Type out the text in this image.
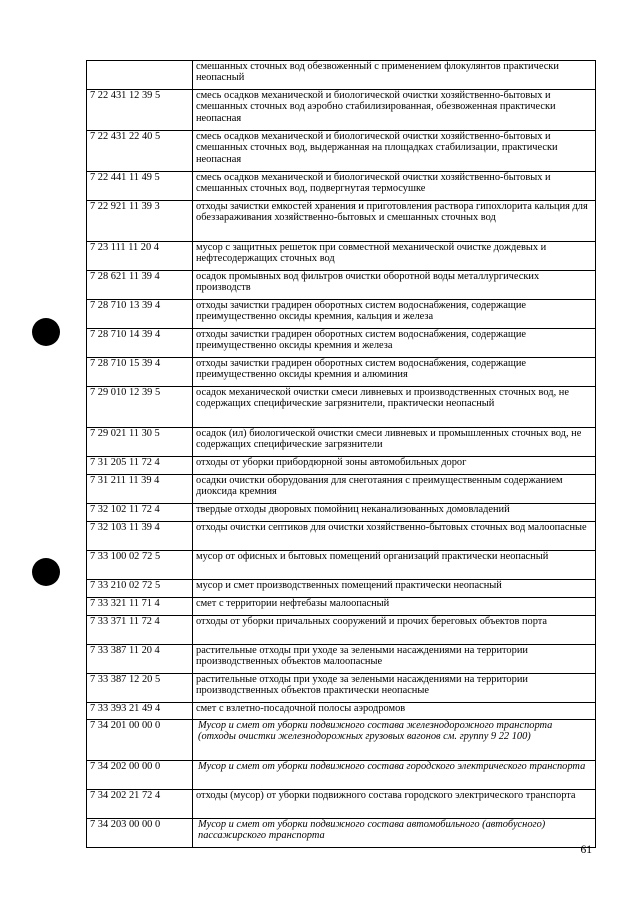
	смешанных сточных вод обезвоженный с применением флокулянтов практически неопасный
7 22 431 12 39 5	смесь осадков механической и биологической очистки хозяйственно-бытовых и смешанных сточных вод аэробно стабилизированная, обезвоженная практически неопасная
7 22 431 22 40 5	смесь осадков механической и биологической очистки хозяйственно-бытовых и смешанных сточных вод, выдержанная на площадках стабилизации, практически неопасная
7 22 441 11 49 5	смесь осадков механической и биологической очистки хозяйственно-бытовых и смешанных сточных вод, подвергнутая термосушке
7 22 921 11 39 3	отходы зачистки емкостей хранения и приготовления раствора гипохлорита кальция для обеззараживания хозяйственно-бытовых и смешанных сточных вод
7 23 111 11 20 4	мусор с защитных решеток при совместной механической очистке дождевых и нефтесодержащих сточных вод
7 28 621 11 39 4	осадок промывных вод фильтров очистки оборотной воды металлургических производств
7 28 710 13 39 4	отходы зачистки градирен оборотных систем водоснабжения, содержащие преимущественно оксиды кремния, кальция и железа
7 28 710 14 39 4	отходы зачистки градирен оборотных систем водоснабжения, содержащие преимущественно оксиды кремния и железа
7 28 710 15 39 4	отходы зачистки градирен оборотных систем водоснабжения, содержащие преимущественно оксиды кремния и алюминия
7 29 010 12 39 5	осадок механической очистки смеси ливневых и производственных сточных вод, не содержащих специфические загрязнители, практически неопасный
7 29 021 11 30 5	осадок (ил) биологической очистки смеси ливневых и промышленных сточных вод, не содержащих специфические загрязнители
7 31 205 11 72 4	отходы от уборки прибордюрной зоны автомобильных дорог
7 31 211 11 39 4	осадки очистки оборудования для снеготаяния с преимущественным содержанием диоксида кремния
7 32 102 11 72 4	твердые отходы дворовых помойниц неканализованных домовладений
7 32 103 11 39 4	отходы очистки септиков для очистки хозяйственно-бытовых сточных вод малоопасные
7 33 100 02 72 5	мусор от офисных и бытовых помещений организаций практически неопасный
7 33 210 02 72 5	мусор и смет производственных помещений практически неопасный
7 33 321 11 71 4	смет с территории нефтебазы малоопасный
7 33 371 11 72 4	отходы от уборки причальных сооружений и прочих береговых объектов порта
7 33 387 11 20 4	растительные отходы при уходе за зелеными насаждениями на территории производственных объектов малоопасные
7 33 387 12 20 5	растительные отходы при уходе за зелеными насаждениями на территории производственных объектов практически неопасные
7 33 393 21 49 4	смет с взлетно-посадочной полосы аэродромов
7 34 201 00 00 0	Мусор и смет от уборки подвижного состава железнодорожного транспорта (отходы очистки железнодорожных грузовых вагонов см. группу 9 22 100)
7 34 202 00 00 0	Мусор и смет от уборки подвижного состава городского электрического транспорта
7 34 202 21 72 4	отходы (мусор) от уборки подвижного состава городского электрического транспорта
7 34 203 00 00 0	Мусор и смет от уборки подвижного состава автомобильного (автобусного) пассажирского транспорта
61
